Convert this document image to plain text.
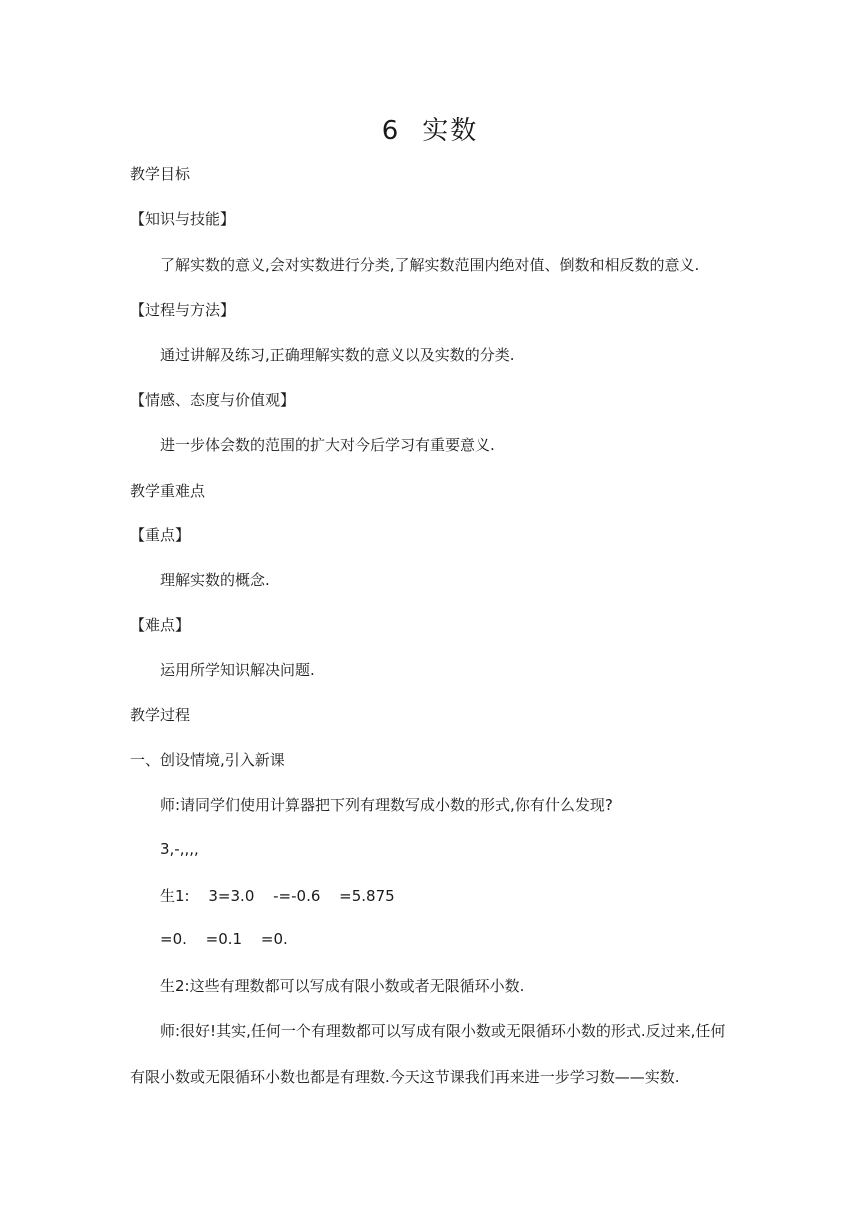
6 实数
教学目标
【知识与技能】
了解实数的意义,会对实数进行分类,了解实数范围内绝对值、倒数和相反数的意义.
【过程与方法】
通过讲解及练习,正确理解实数的意义以及实数的分类.
【情感、态度与价值观】
进一步体会数的范围的扩大对今后学习有重要意义.
教学重难点
【重点】
理解实数的概念.
【难点】
运用所学知识解决问题.
教学过程
一、创设情境,引入新课
师:请同学们使用计算器把下列有理数写成小数的形式,你有什么发现?
3,-,,,,
生1: 3=3.0 -=-0.6 =5.875
=0. =0.1 =0.
生2:这些有理数都可以写成有限小数或者无限循环小数.
师:很好!其实,任何一个有理数都可以写成有限小数或无限循环小数的形式.反过来,任何
有限小数或无限循环小数也都是有理数.今天这节课我们再来进一步学习数——实数.
